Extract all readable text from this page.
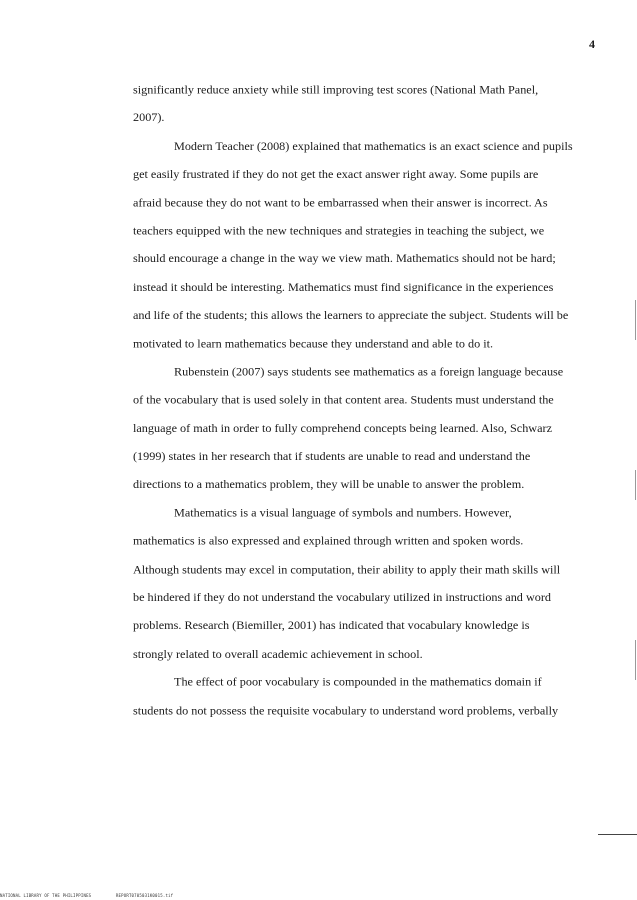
4
significantly reduce anxiety while still improving test scores (National Math Panel,
2007).
Modern Teacher (2008) explained that mathematics is an exact science and pupils
get easily frustrated if they do not get the exact answer right away. Some pupils are
afraid because they do not want to be embarrassed when their answer is incorrect. As
teachers equipped with the new techniques and strategies in teaching the subject, we
should encourage a change in the way we view math. Mathematics should not be hard;
instead it should be interesting. Mathematics must find significance in the experiences
and life of the students; this allows the learners to appreciate the subject. Students will be
motivated to learn mathematics because they understand and able to do it.
Rubenstein (2007) says students see mathematics as a foreign language because
of the vocabulary that is used solely in that content area. Students must understand the
language of math in order to fully comprehend concepts being learned. Also, Schwarz
(1999) states in her research that if students are unable to read and understand the
directions to a mathematics problem, they will be unable to answer the problem.
Mathematics is a visual language of symbols and numbers. However,
mathematics is also expressed and explained through written and spoken words.
Although students may excel in computation, their ability to apply their math skills will
be hindered if they do not understand the vocabulary utilized in instructions and word
problems. Research (Biemiller, 2001) has indicated that vocabulary knowledge is
strongly related to overall academic achievement in school.
The effect of poor vocabulary is compounded in the mathematics domain if
students do not possess the requisite vocabulary to understand word problems, verbally
NATIONAL LIBRARY OF THE PHILIPPINES	REPORT0705031K0015.tif
